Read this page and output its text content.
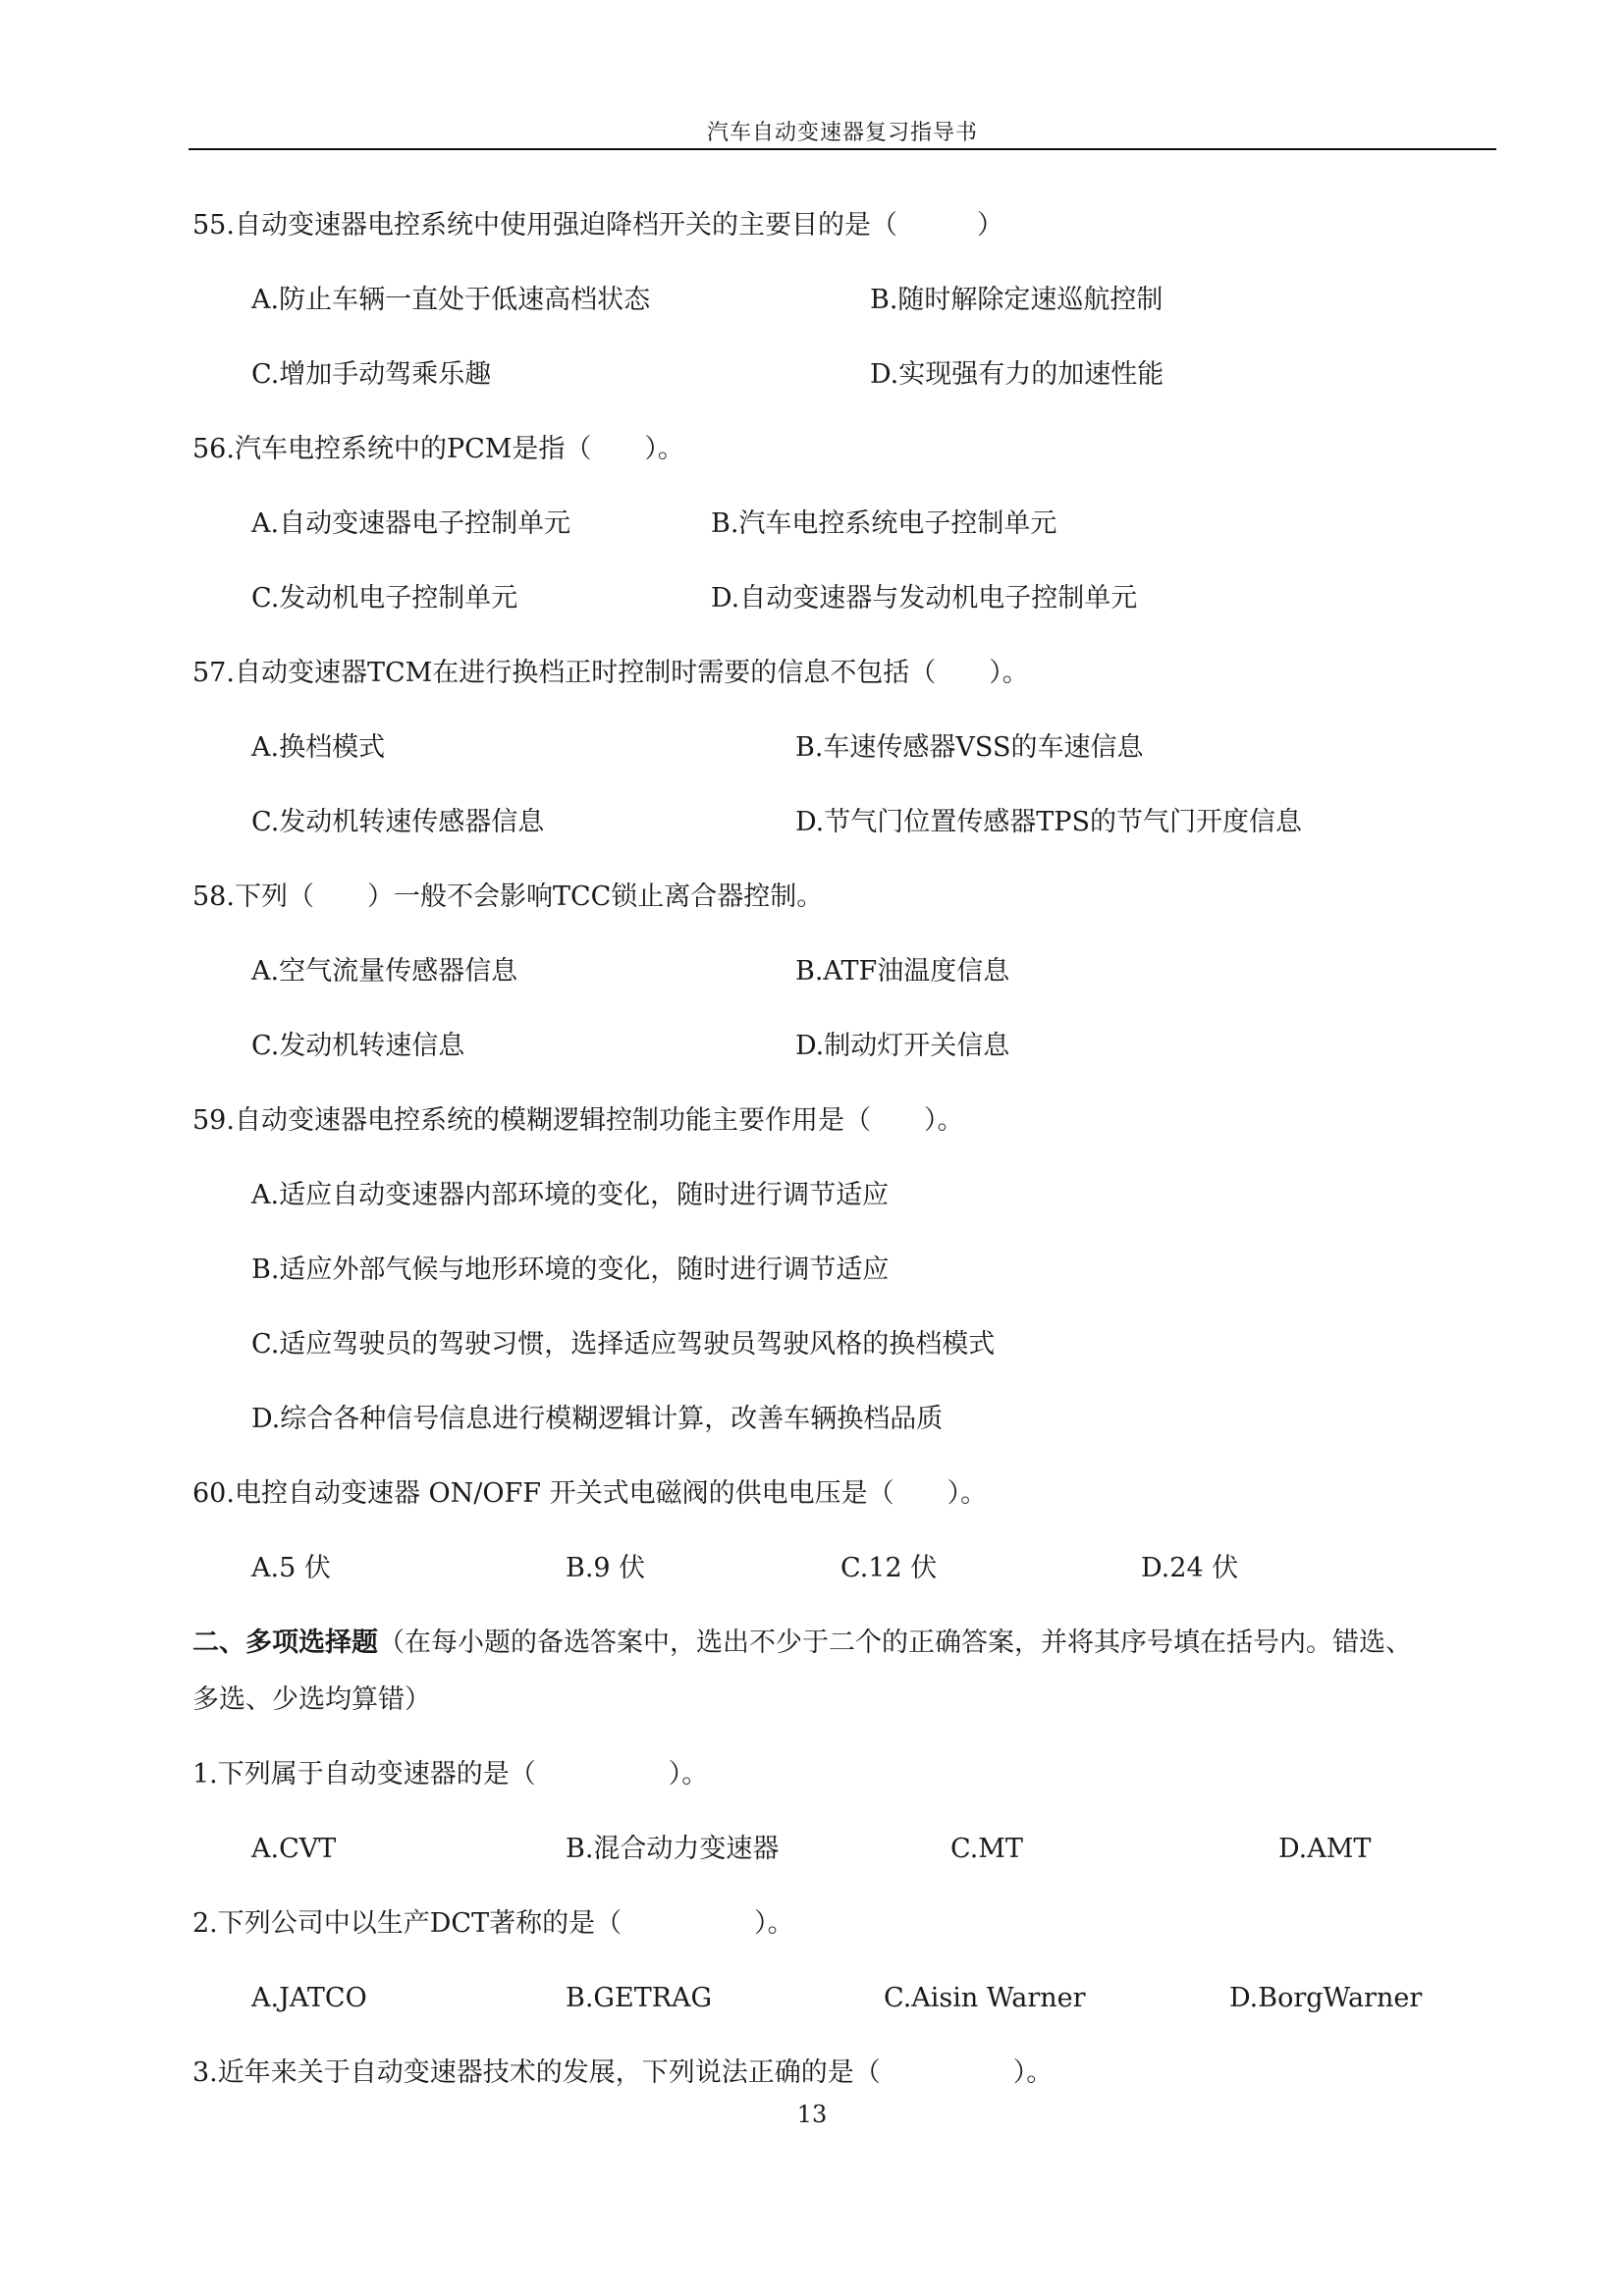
汽车自动变速器复习指导书
55.自动变速器电控系统中使用强迫降档开关的主要目的是（　　　）
A.防止车辆一直处于低速高档状态	B.随时解除定速巡航控制
C.增加手动驾乘乐趣	D.实现强有力的加速性能
56.汽车电控系统中的PCM是指（　　）。
A.自动变速器电子控制单元	B.汽车电控系统电子控制单元
C.发动机电子控制单元	D.自动变速器与发动机电子控制单元
57.自动变速器TCM在进行换档正时控制时需要的信息不包括（　　）。
A.换档模式	B.车速传感器VSS的车速信息
C.发动机转速传感器信息	D.节气门位置传感器TPS的节气门开度信息
58.下列（　　）一般不会影响TCC锁止离合器控制。
A.空气流量传感器信息	B.ATF油温度信息
C.发动机转速信息	D.制动灯开关信息
59.自动变速器电控系统的模糊逻辑控制功能主要作用是（　　）。
A.适应自动变速器内部环境的变化，随时进行调节适应
B.适应外部气候与地形环境的变化，随时进行调节适应
C.适应驾驶员的驾驶习惯，选择适应驾驶员驾驶风格的换档模式
D.综合各种信号信息进行模糊逻辑计算，改善车辆换档品质
60.电控自动变速器 ON/OFF 开关式电磁阀的供电电压是（　　）。
A.5 伏	B.9 伏	C.12 伏	D.24 伏
二、多项选择题（在每小题的备选答案中，选出不少于二个的正确答案，并将其序号填在括号内。错选、
多选、少选均算错）
1.下列属于自动变速器的是（　　　　　）。
A.CVT	B.混合动力变速器	C.MT	D.AMT
2.下列公司中以生产DCT著称的是（　　　　　）。
A.JATCO	B.GETRAG	C.Aisin Warner	D.BorgWarner
3.近年来关于自动变速器技术的发展，下列说法正确的是（　　　　　）。
13
